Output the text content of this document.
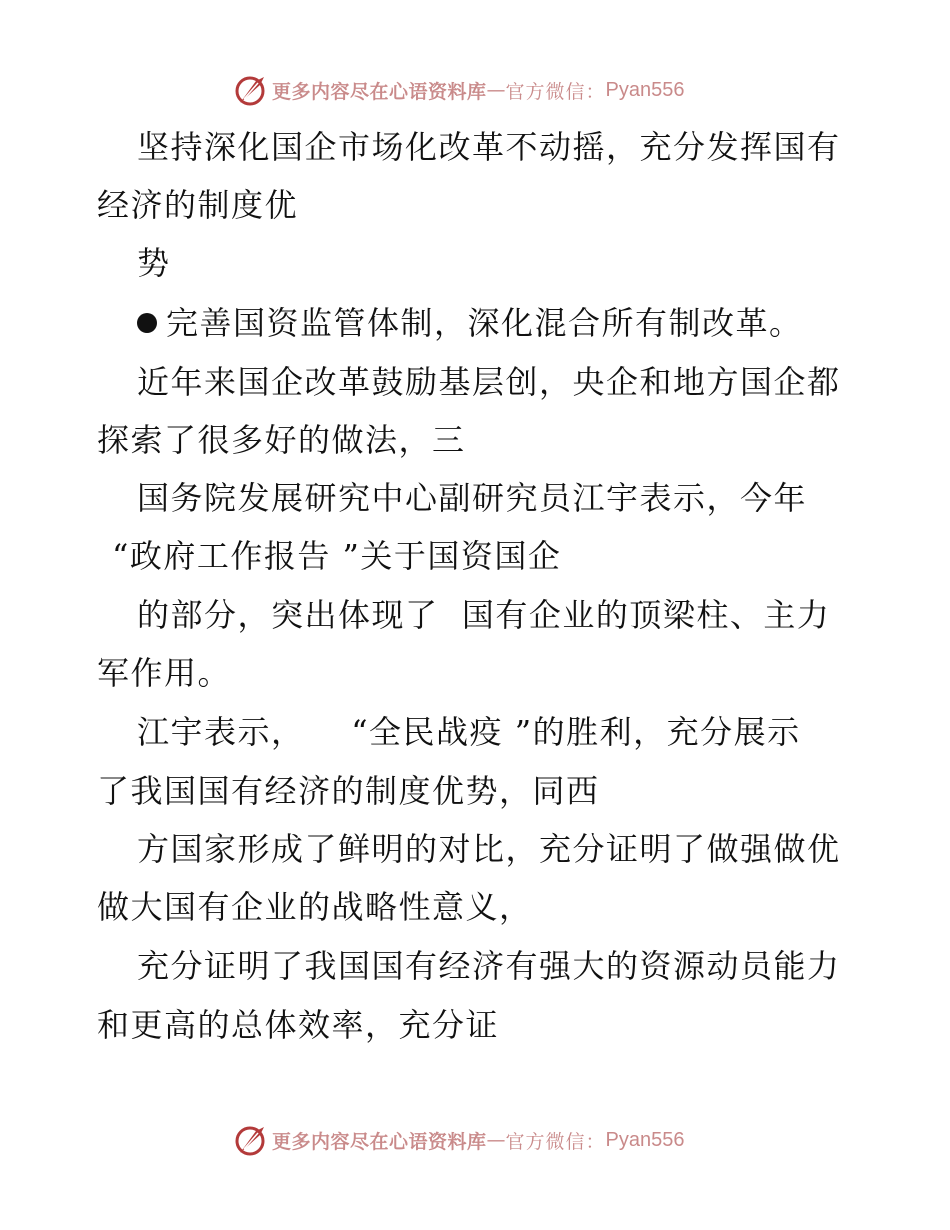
更多内容尽在心语资料库 — 官方微信： Pyan556
坚持深化国企市场化改革不动摇，充分发挥国有
经济的制度优
势
完善国资监管体制，深化混合所有制改革。
近年来国企改革鼓励基层创，央企和地方国企都
探索了很多好的做法，三
国务院发展研究中心副研究员江宇表示，今年
“政府工作报告 ”关于国资国企
的部分，突出体现了  国有企业的顶梁柱、主力
军作用。
江宇表示，    “全民战疫 ”的胜利，充分展示
了我国国有经济的制度优势，同西
方国家形成了鲜明的对比，充分证明了做强做优
做大国有企业的战略性意义，
充分证明了我国国有经济有强大的资源动员能力
和更高的总体效率，充分证
更多内容尽在心语资料库 — 官方微信： Pyan556
